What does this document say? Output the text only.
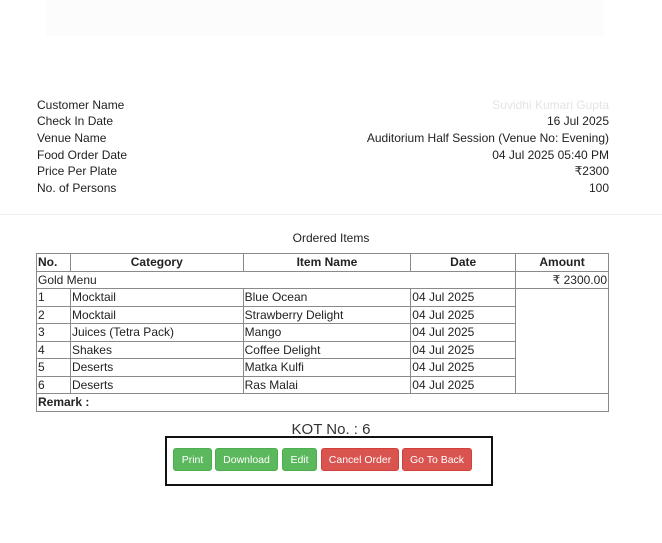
Customer Name	Suvidhi Kumari Gupta
Check In Date	16 Jul 2025
Venue Name	Auditorium Half Session (Venue No: Evening)
Food Order Date	04 Jul 2025 05:40 PM
Price Per Plate	₹2300
No. of Persons	100
Ordered Items
No.	Category	Item Name	Date	Amount
Gold Menu				₹ 2300.00
1	Mocktail	Blue Ocean	04 Jul 2025	
2	Mocktail	Strawberry Delight	04 Jul 2025	
3	Juices (Tetra Pack)	Mango	04 Jul 2025	
4	Shakes	Coffee Delight	04 Jul 2025	
5	Deserts	Matka Kulfi	04 Jul 2025	
6	Deserts	Ras Malai	04 Jul 2025	
Remark :				
KOT No. : 6
Print	Download	Edit	Cancel Order	Go To Back
